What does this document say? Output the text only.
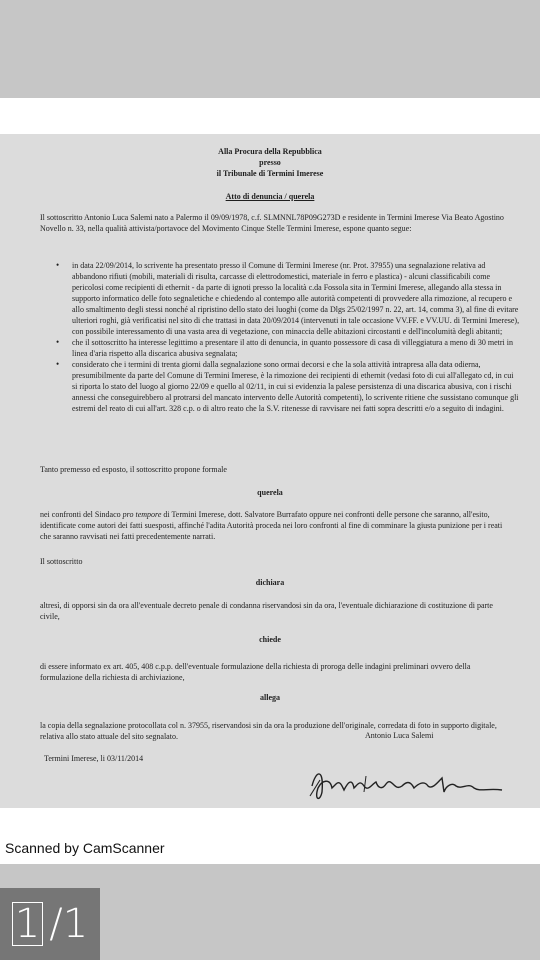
Alla Procura della Repubblica
presso
il Tribunale di Termini Imerese
Atto di denuncia / querela
Il sottoscritto Antonio Luca Salemi nato a Palermo il 09/09/1978, c.f. SLMNNL78P09G273D e residente in Termini Imerese Via Beato Agostino Novello n. 33, nella qualità attivista/portavoce del Movimento Cinque Stelle Termini Imerese, espone quanto segue:
• in data 22/09/2014, lo scrivente ha presentato presso il Comune di Termini Imerese (nr. Prot. 37955) una segnalazione relativa ad abbandono rifiuti (mobili, materiali di risulta, carcasse di elettrodomestici, materiale in ferro e plastica) - alcuni classificabili come pericolosi come recipienti di ethernit - da parte di ignoti presso la località c.da Fossola sita in Termini Imerese, allegando alla stessa in supporto informatico delle foto segnaletiche e chiedendo al contempo alle autorità competenti di provvedere alla rimozione, al recupero e allo smaltimento degli stessi nonché al ripristino dello stato dei luoghi (come da Dlgs 25/02/1997 n. 22, art. 14, comma 3), al fine di evitare ulteriori roghi, già verificatisi nel sito di che trattasi in data 20/09/2014 (intervenuti in tale occasione VV.FF. e VV.UU. di Termini Imerese), con possibile interessamento di una vasta area di vegetazione, con minaccia delle abitazioni circostanti e dell'incolumità degli abitanti;
• che il sottoscritto ha interesse legittimo a presentare il atto di denuncia, in quanto possessore di casa di villeggiatura a meno di 30 metri in linea d'aria rispetto alla discarica abusiva segnalata;
• considerato che i termini di trenta giorni dalla segnalazione sono ormai decorsi e che la sola attività intrapresa alla data odierna, presumibilmente da parte del Comune di Termini Imerese, è la rimozione dei recipienti di ethernit (vedasi foto di cui all'allegato cd, in cui si riporta lo stato del luogo al giorno 22/09 e quello al 02/11, in cui si evidenzia la palese persistenza di una discarica abusiva, con i rischi annessi che conseguirebbero al protrarsi del mancato intervento delle Autorità competenti), lo scrivente ritiene che sussistano comunque gli estremi del reato di cui all'art. 328 c.p. o di altro reato che la S.V. ritenesse di ravvisare nei fatti sopra descritti e/o a seguito di indagini.
Tanto premesso ed esposto, il sottoscritto propone formale
querela
nei confronti del Sindaco pro tempore di Termini Imerese, dott. Salvatore Burrafato oppure nei confronti delle persone che saranno, all'esito, identificate come autori dei fatti suesposti, affinché l'adita Autorità proceda nei loro confronti al fine di comminare la giusta punizione per i reati che saranno ravvisati nei fatti precedentemente narrati.
Il sottoscritto
dichiara
altresì, di opporsi sin da ora all'eventuale decreto penale di condanna riservandosi sin da ora, l'eventuale dichiarazione di costituzione di parte civile,
chiede
di essere informato ex art. 405, 408 c.p.p. dell'eventuale formulazione della richiesta di proroga delle indagini preliminari ovvero della formulazione della richiesta di archiviazione,
allega
la copia della segnalazione protocollata col n. 37955, riservandosi sin da ora la produzione dell'originale, corredata di foto in supporto digitale, relativa allo stato attuale del sito segnalato.
Termini Imerese, li 03/11/2014
Antonio Luca Salemi
Scanned by CamScanner
1 /1
